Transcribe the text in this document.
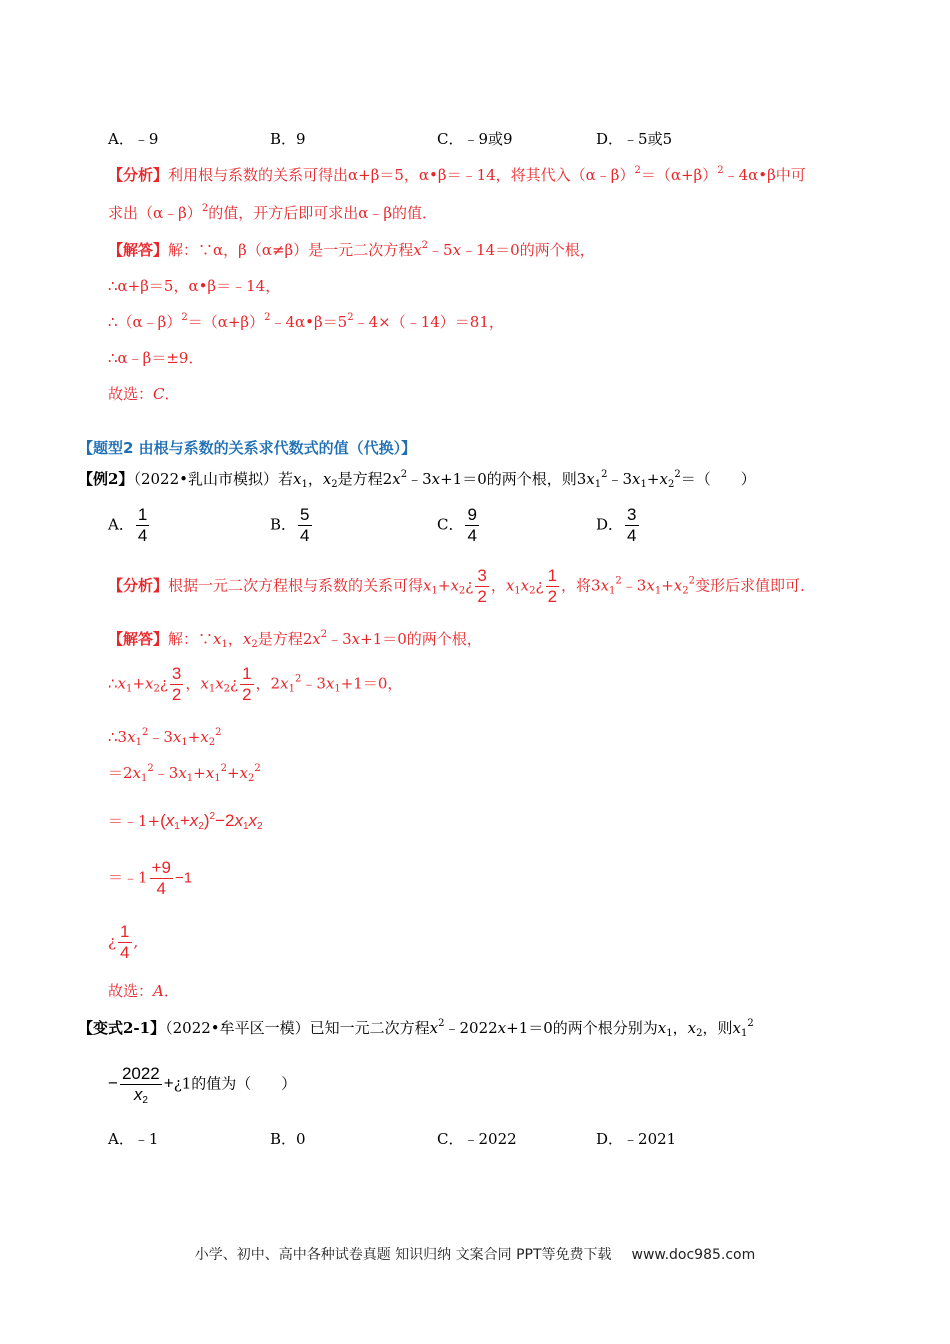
A．﹣9	B．9	C．﹣9或9	D．﹣5或5
【分析】利用根与系数的关系可得出α+β＝5，α•β＝﹣14，将其代入$(\alpha﹣\beta)^2=(\alpha+\beta)^2﹣4\alpha•\beta$中可
求出（α﹣β）$^2$的值，开方后即可求出α﹣β的值．
【解答】解：∵α，β（α≠β）是一元二次方程$x^2﹣5x﹣14=0$的两个根，
∴α+β＝5，α•β＝﹣14，
$\therefore(\alpha﹣\beta)^2=(\alpha+\beta)^2﹣4\alpha•\beta=5^2﹣4\times(﹣14)=81$，
∴α﹣β＝±9．
故选：C．
【题型2 由根与系数的关系求代数式的值（代换）】
【例2】（2022•乳山市模拟）若$x_1$，$x_2$是方程$2x^2﹣3x+1=0$的两个根，则$3x_1^2﹣3x_1+x_2^2=$（　　）
A． $\frac{1}{4}$	B． $\frac{5}{4}$	C． $\frac{9}{4}$	D． $\frac{3}{4}$
【分析】根据一元二次方程根与系数的关系可得$x_1+x_2¿ \frac{3}{2}$ ，$x_1x_2¿ \frac{1}{2}$ ，将$3x_1^2﹣3x_1+x_2^2$变形后求值即可．
【解答】解：$\because x_1$，$x_2$是方程$2x^2﹣3x+1=0$的两个根，
$\therefore x_1+x_2¿ \frac{3}{2}$ ，$x_1x_2¿ \frac{1}{2}$ ，$2x_1^2﹣3x_1+1=0$，
$\therefore 3x_1^2﹣3x_1+x_2^2$
$=2x_1^2﹣3x_1+x_1^2+x_2^2$
$=﹣1+(x_1+x_2)^2-2x_1x_2$
＝﹣1 $\frac{+9}{4} -1$
¿ $\frac{1}{4}$ ,
故选：A．
【变式2-1】（2022•牟平区一模）已知一元二次方程$x^2﹣2022x+1=0$的两个根分别为$x_1$，$x_2$，则$x_1^2$
− $\frac{2022}{x_2}$ +¿1的值为（　　）
A．﹣1	B．0	C．﹣2022	D．﹣2021
小学、初中、高中各种试卷真题 知识归纳 文案合同 PPT等免费下载 www.doc985.com
